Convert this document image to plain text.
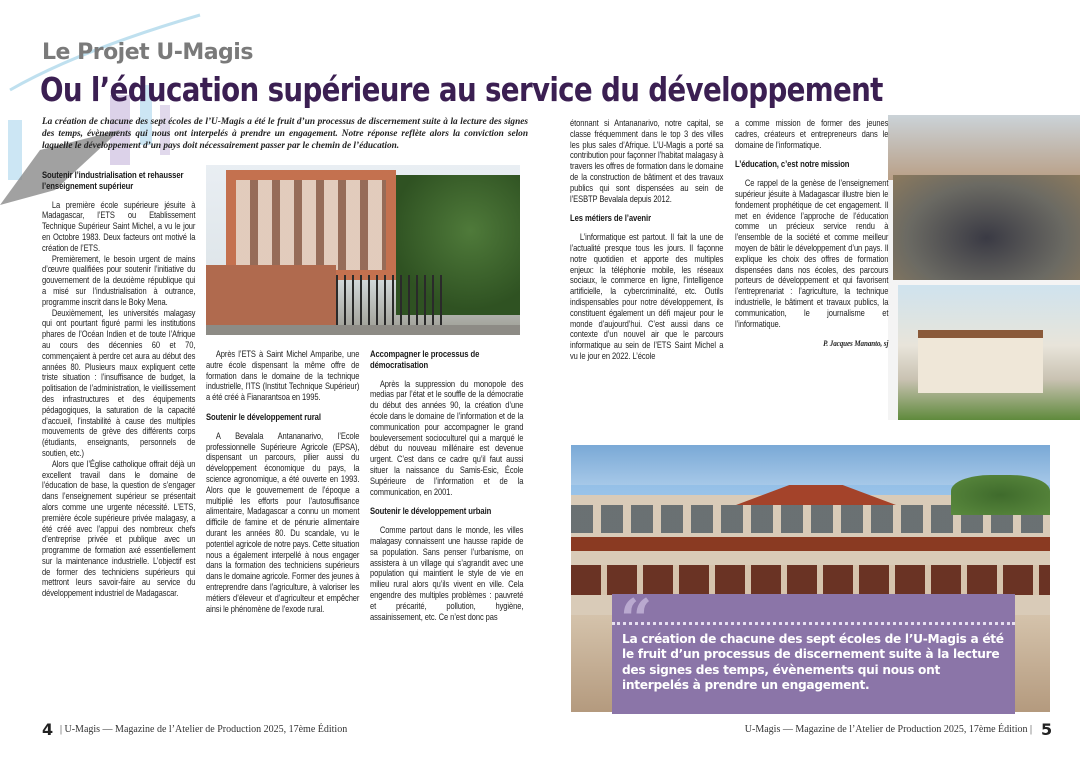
Le Projet U-Magis
Ou l’éducation supérieure au service du développement
La création de chacune des sept écoles de l’U-Magis a été le fruit d’un processus de discernement suite à la lecture des signes des temps, évènements qui nous ont interpelés à prendre un engagement. Notre réponse reflète alors la conviction selon laquelle le développement d’un pays doit nécessairement passer par le chemin de l’éducation.
Soutenir l’industrialisation et rehausser l’enseignement supérieur

La première école supérieure jésuite à Madagascar, l’ETS ou Etablissement Technique Supérieur Saint Michel, a vu le jour en Octobre 1983. Deux facteurs ont motivé la création de l’ETS.

Premièrement, le besoin urgent de mains d’œuvre qualifiées pour soutenir l’initiative du gouvernement de la deuxième république qui a misé sur l’industrialisation à outrance, programme inscrit dans le Boky Mena.

Deuxièmement, les universités malagasy qui ont pourtant figuré parmi les institutions phares de l’Océan Indien et de toute l’Afrique au cours des décennies 60 et 70, commençaient à perdre cet aura au début des années 80. Plusieurs maux expliquent cette triste situation : l’insuffisance de budget, la politisation de l’administration, le vieillissement des infrastructures et des équipements pédagogiques, la saturation de la capacité d’accueil, l’instabilité à cause des multiples mouvements de grève des différents corps (étudiants, enseignants, personnels de soutien, etc.)

Alors que l’Église catholique offrait déjà un excellent travail dans le domaine de l’éducation de base, la question de s’engager dans l’enseignement supérieur se présentait alors comme une urgente nécessité. L’ETS, première école supérieure privée malagasy, a été créé avec l’appui des nombreux chefs d’entreprise privée et publique avec un programme de formation axé essentiellement sur la maintenance industrielle. L’objectif est de former des techniciens supérieurs qui mettront leurs savoir-faire au service du développement industriel de Madagascar.

Après l’ETS à Saint Michel Amparibe, une autre école dispensant la même offre de formation dans le domaine de la technique industrielle, l’ITS (Institut Technique Supérieur) a été créé à Fianarantsoa en 1995.

Soutenir le développement rural

A Bevalala Antananarivo, l’Ecole professionnelle Supérieure Agricole (EPSA), dispensant un parcours, pilier aussi du développement économique du pays, la science agronomique, a été ouverte en 1993. Alors que le gouvernement de l’époque a multiplié les efforts pour l’autosuffisance alimentaire, Madagascar a connu un moment difficile de famine et de pénurie alimentaire durant les années 80. Du scandale, vu le potentiel agricole de notre pays. Cette situation nous a également interpellé à nous engager dans la formation des techniciens supérieurs dans le domaine agricole. Former des jeunes à entreprendre dans l’agriculture, à valoriser les métiers d’éleveur et d’agriculteur et empêcher ainsi le phénomène de l’exode rural.

Accompagner le processus de démocratisation

Après la suppression du monopole des medias par l’état et le souffle de la démocratie du début des années 90, la création d’une école dans le domaine de l’information et de la communication pour accompagner le grand bouleversement socioculturel qui a marqué le début du nouveau millénaire est devenue urgent. C’est dans ce cadre qu’il faut aussi situer la naissance du Samis-Esic, École Supérieure de l’information et de la communication, en 2001.

Soutenir le développement urbain

Comme partout dans le monde, les villes malagasy connaissent une hausse rapide de sa population. Sans penser l’urbanisme, on assistera à un village qui s’agrandit avec une population qui maintient le style de vie en milieu rural alors qu’ils vivent en ville. Cela engendre des multiples problèmes : pauvreté et précarité, pollution, hygiène, assainissement, etc. Ce n’est donc pas

étonnant si Antananarivo, notre capital, se classe fréquemment dans le top 3 des villes les plus sales d’Afrique. L’U-Magis a porté sa contribution pour façonner l’habitat malagasy à travers les offres de formation dans le domaine de la construction de bâtiment et des travaux publics qui sont dispensées au sein de l’ESBTP Bevalala depuis 2012.

Les métiers de l’avenir

L’informatique est partout. Il fait la une de l’actualité presque tous les jours. Il façonne notre quotidien et apporte des multiples enjeux: la téléphonie mobile, les réseaux sociaux, le commerce en ligne, l’intelligence artificielle, la cybercriminalité, etc. Outils indispensables pour notre développement, ils constituent également un défi majeur pour le monde d’aujourd’hui. C’est aussi dans ce contexte d’un nouvel air que le parcours informatique au sein de l’ETS Saint Michel a vu le jour en 2022. L’école

a comme mission de former des jeunes cadres, créateurs et entrepreneurs dans le domaine de l’informatique.

L’éducation, c’est notre mission

Ce rappel de la genèse de l’enseignement supérieur jésuite à Madagascar illustre bien le fondement prophétique de cet engagement. Il met en évidence l’approche de l’éducation comme un précieux service rendu à l’ensemble de la société et comme meilleur moyen de bâtir le développement d’un pays. Il explique les choix des offres de formation dispensées dans nos écoles, des parcours porteurs de développement et qui favorisent l’entreprenariat : l’agriculture, la technique industrielle, le bâtiment et travaux publics, la communication, le journalisme et l’informatique.

P. Jacques Mananto, sj

“
La création de chacune des sept écoles de l’U-Magis a été le fruit d’un processus de discernement suite à la lecture des signes des temps, évènements qui nous ont interpelés à prendre un engagement.
4 | U-Magis — Magazine de l’Atelier de Production 2025, 17ème Édition	U-Magis — Magazine de l’Atelier de Production 2025, 17ème Édition | 5
